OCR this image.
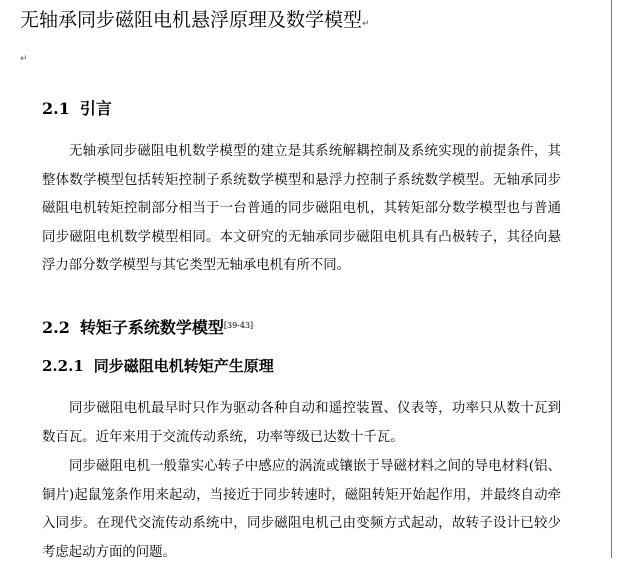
无轴承同步磁阻电机悬浮原理及数学模型↵
↵
2.1 引言

无轴承同步磁阻电机数学模型的建立是其系统解耦控制及系统实现的前提条件，其整体数学模型包括转矩控制子系统数学模型和悬浮力控制子系统数学模型。无轴承同步磁阻电机转矩控制部分相当于一台普通的同步磁阻电机，其转矩部分数学模型也与普通同步磁阻电机数学模型相同。本文研究的无轴承同步磁阻电机具有凸极转子，其径向悬浮力部分数学模型与其它类型无轴承电机有所不同。

2.2 转矩子系统数学模型[39-43]
2.2.1 同步磁阻电机转矩产生原理

同步磁阻电机最早时只作为驱动各种自动和遥控装置、仪表等，功率只从数十瓦到数百瓦。近年来用于交流传动系统，功率等级已达数十千瓦。

同步磁阻电机一般靠实心转子中感应的涡流或镶嵌于导磁材料之间的导电材料(铝、铜片)起鼠笼条作用来起动，当接近于同步转速时，磁阻转矩开始起作用，并最终自动牵入同步。在现代交流传动系统中，同步磁阻电机己由变频方式起动，故转子设计已较少考虑起动方面的问题。
